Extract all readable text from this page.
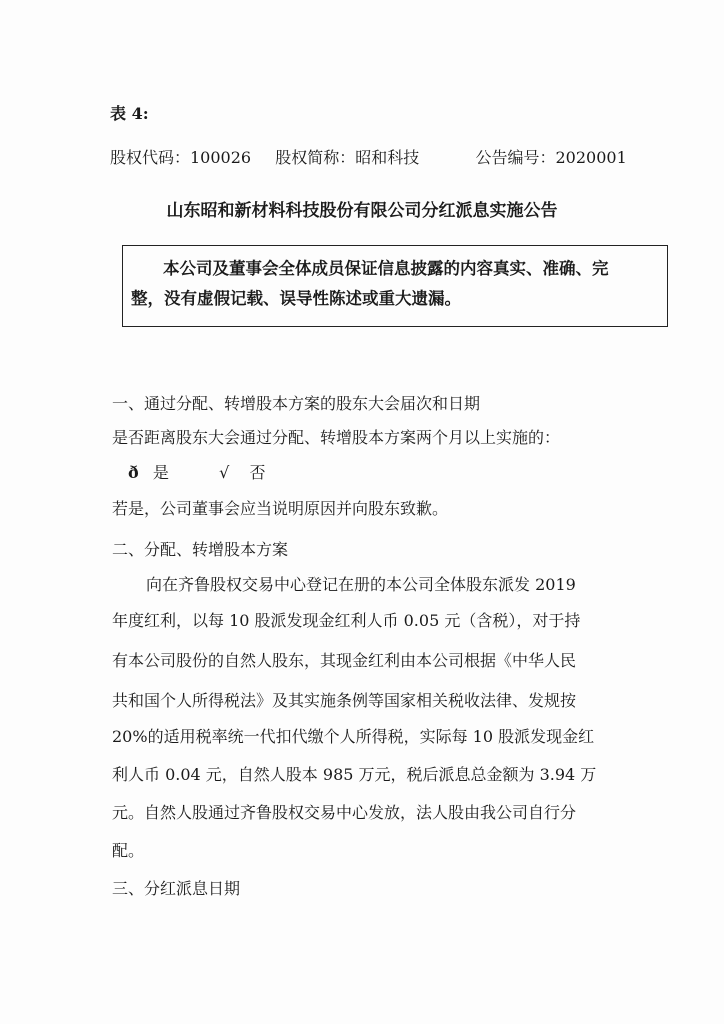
表 4:
股权代码：100026 股权简称：昭和科技	公告编号：2020001
山东昭和新材料科技股份有限公司分红派息实施公告
本公司及董事会全体成员保证信息披露的内容真实、准确、完
整，没有虚假记载、误导性陈述或重大遗漏。
一、通过分配、转增股本方案的股东大会届次和日期
是否距离股东大会通过分配、转增股本方案两个月以上实施的：
ð 是	√ 否
若是，公司董事会应当说明原因并向股东致歉。
二、分配、转增股本方案
向在齐鲁股权交易中心登记在册的本公司全体股东派发 2019
年度红利，以每 10 股派发现金红利人币 0.05 元（含税），对于持
有本公司股份的自然人股东，其现金红利由本公司根据《中华人民
共和国个人所得税法》及其实施条例等国家相关税收法律、发规按
20%的适用税率统一代扣代缴个人所得税，实际每 10 股派发现金红
利人币 0.04 元，自然人股本 985 万元，税后派息总金额为 3.94 万
元。自然人股通过齐鲁股权交易中心发放，法人股由我公司自行分
配。
三、分红派息日期
